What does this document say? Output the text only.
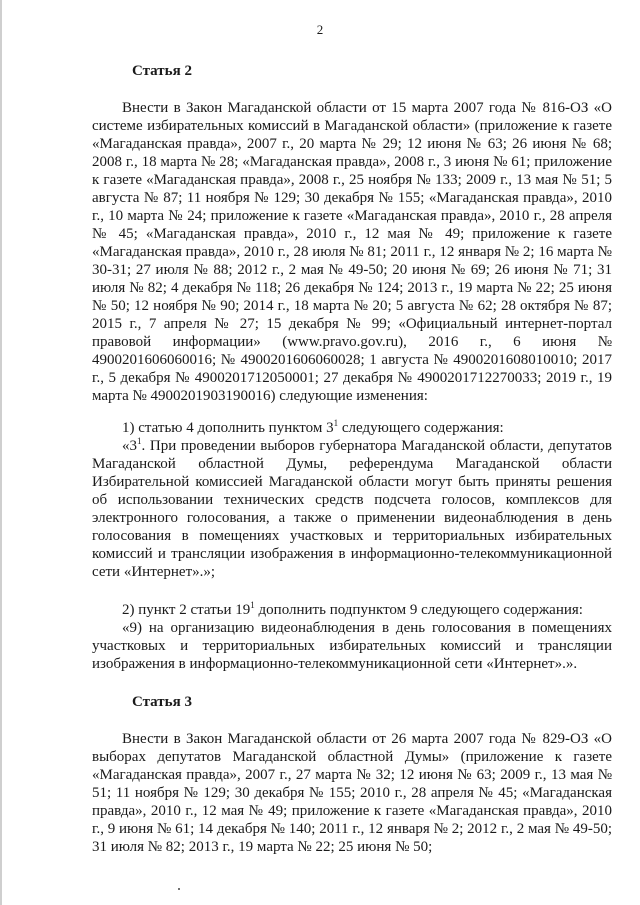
2
Статья 2

Внести в Закон Магаданской области от 15 марта 2007 года № 816-ОЗ «О системе избирательных комиссий в Магаданской области» (приложение к газете «Магаданская правда», 2007 г., 20 марта № 29; 12 июня № 63; 26 июня № 68; 2008 г., 18 марта № 28; «Магаданская правда», 2008 г., 3 июня № 61; приложение к газете «Магаданская правда», 2008 г., 25 ноября № 133; 2009 г., 13 мая № 51; 5 августа № 87; 11 ноября № 129; 30 декабря № 155; «Магаданская правда», 2010 г., 10 марта № 24; приложение к газете «Магаданская правда», 2010 г., 28 апреля № 45; «Магаданская правда», 2010 г., 12 мая № 49; приложение к газете «Магаданская правда», 2010 г., 28 июля № 81; 2011 г., 12 января № 2; 16 марта № 30-31; 27 июля № 88; 2012 г., 2 мая № 49-50; 20 июня № 69; 26 июня № 71; 31 июля № 82; 4 декабря № 118; 26 декабря № 124; 2013 г., 19 марта № 22; 25 июня № 50; 12 ноября № 90; 2014 г., 18 марта № 20; 5 августа № 62; 28 октября № 87; 2015 г., 7 апреля № 27; 15 декабря № 99; «Официальный интернет-портал правовой информации» (www.pravo.gov.ru), 2016 г., 6 июня № 4900201606060016; № 4900201606060028; 1 августа № 4900201608010010; 2017 г., 5 декабря № 4900201712050001; 27 декабря № 4900201712270033; 2019 г., 19 марта № 4900201903190016) следующие изменения:

1) статью 4 дополнить пунктом $3^1$ следующего содержания:

«$3^1$. При проведении выборов губернатора Магаданской области, депутатов Магаданской областной Думы, референдума Магаданской области Избирательной комиссией Магаданской области могут быть приняты решения об использовании технических средств подсчета голосов, комплексов для электронного голосования, а также о применении видеонаблюдения в день голосования в помещениях участковых и территориальных избирательных комиссий и трансляции изображения в информационно-телекоммуникационной сети «Интернет».»;

2) пункт 2 статьи $19^1$ дополнить подпунктом 9 следующего содержания:

«9) на организацию видеонаблюдения в день голосования в помещениях участковых и территориальных избирательных комиссий и трансляции изображения в информационно-телекоммуникационной сети «Интернет».».

Статья 3

Внести в Закон Магаданской области от 26 марта 2007 года № 829-ОЗ «О выборах депутатов Магаданской областной Думы» (приложение к газете «Магаданская правда», 2007 г., 27 марта № 32; 12 июня № 63; 2009 г., 13 мая № 51; 11 ноября № 129; 30 декабря № 155; 2010 г., 28 апреля № 45; «Магаданская правда», 2010 г., 12 мая № 49; приложение к газете «Магаданская правда», 2010 г., 9 июня № 61; 14 декабря № 140; 2011 г., 12 января № 2; 2012 г., 2 мая № 49-50; 31 июля № 82; 2013 г., 19 марта № 22; 25 июня № 50;
